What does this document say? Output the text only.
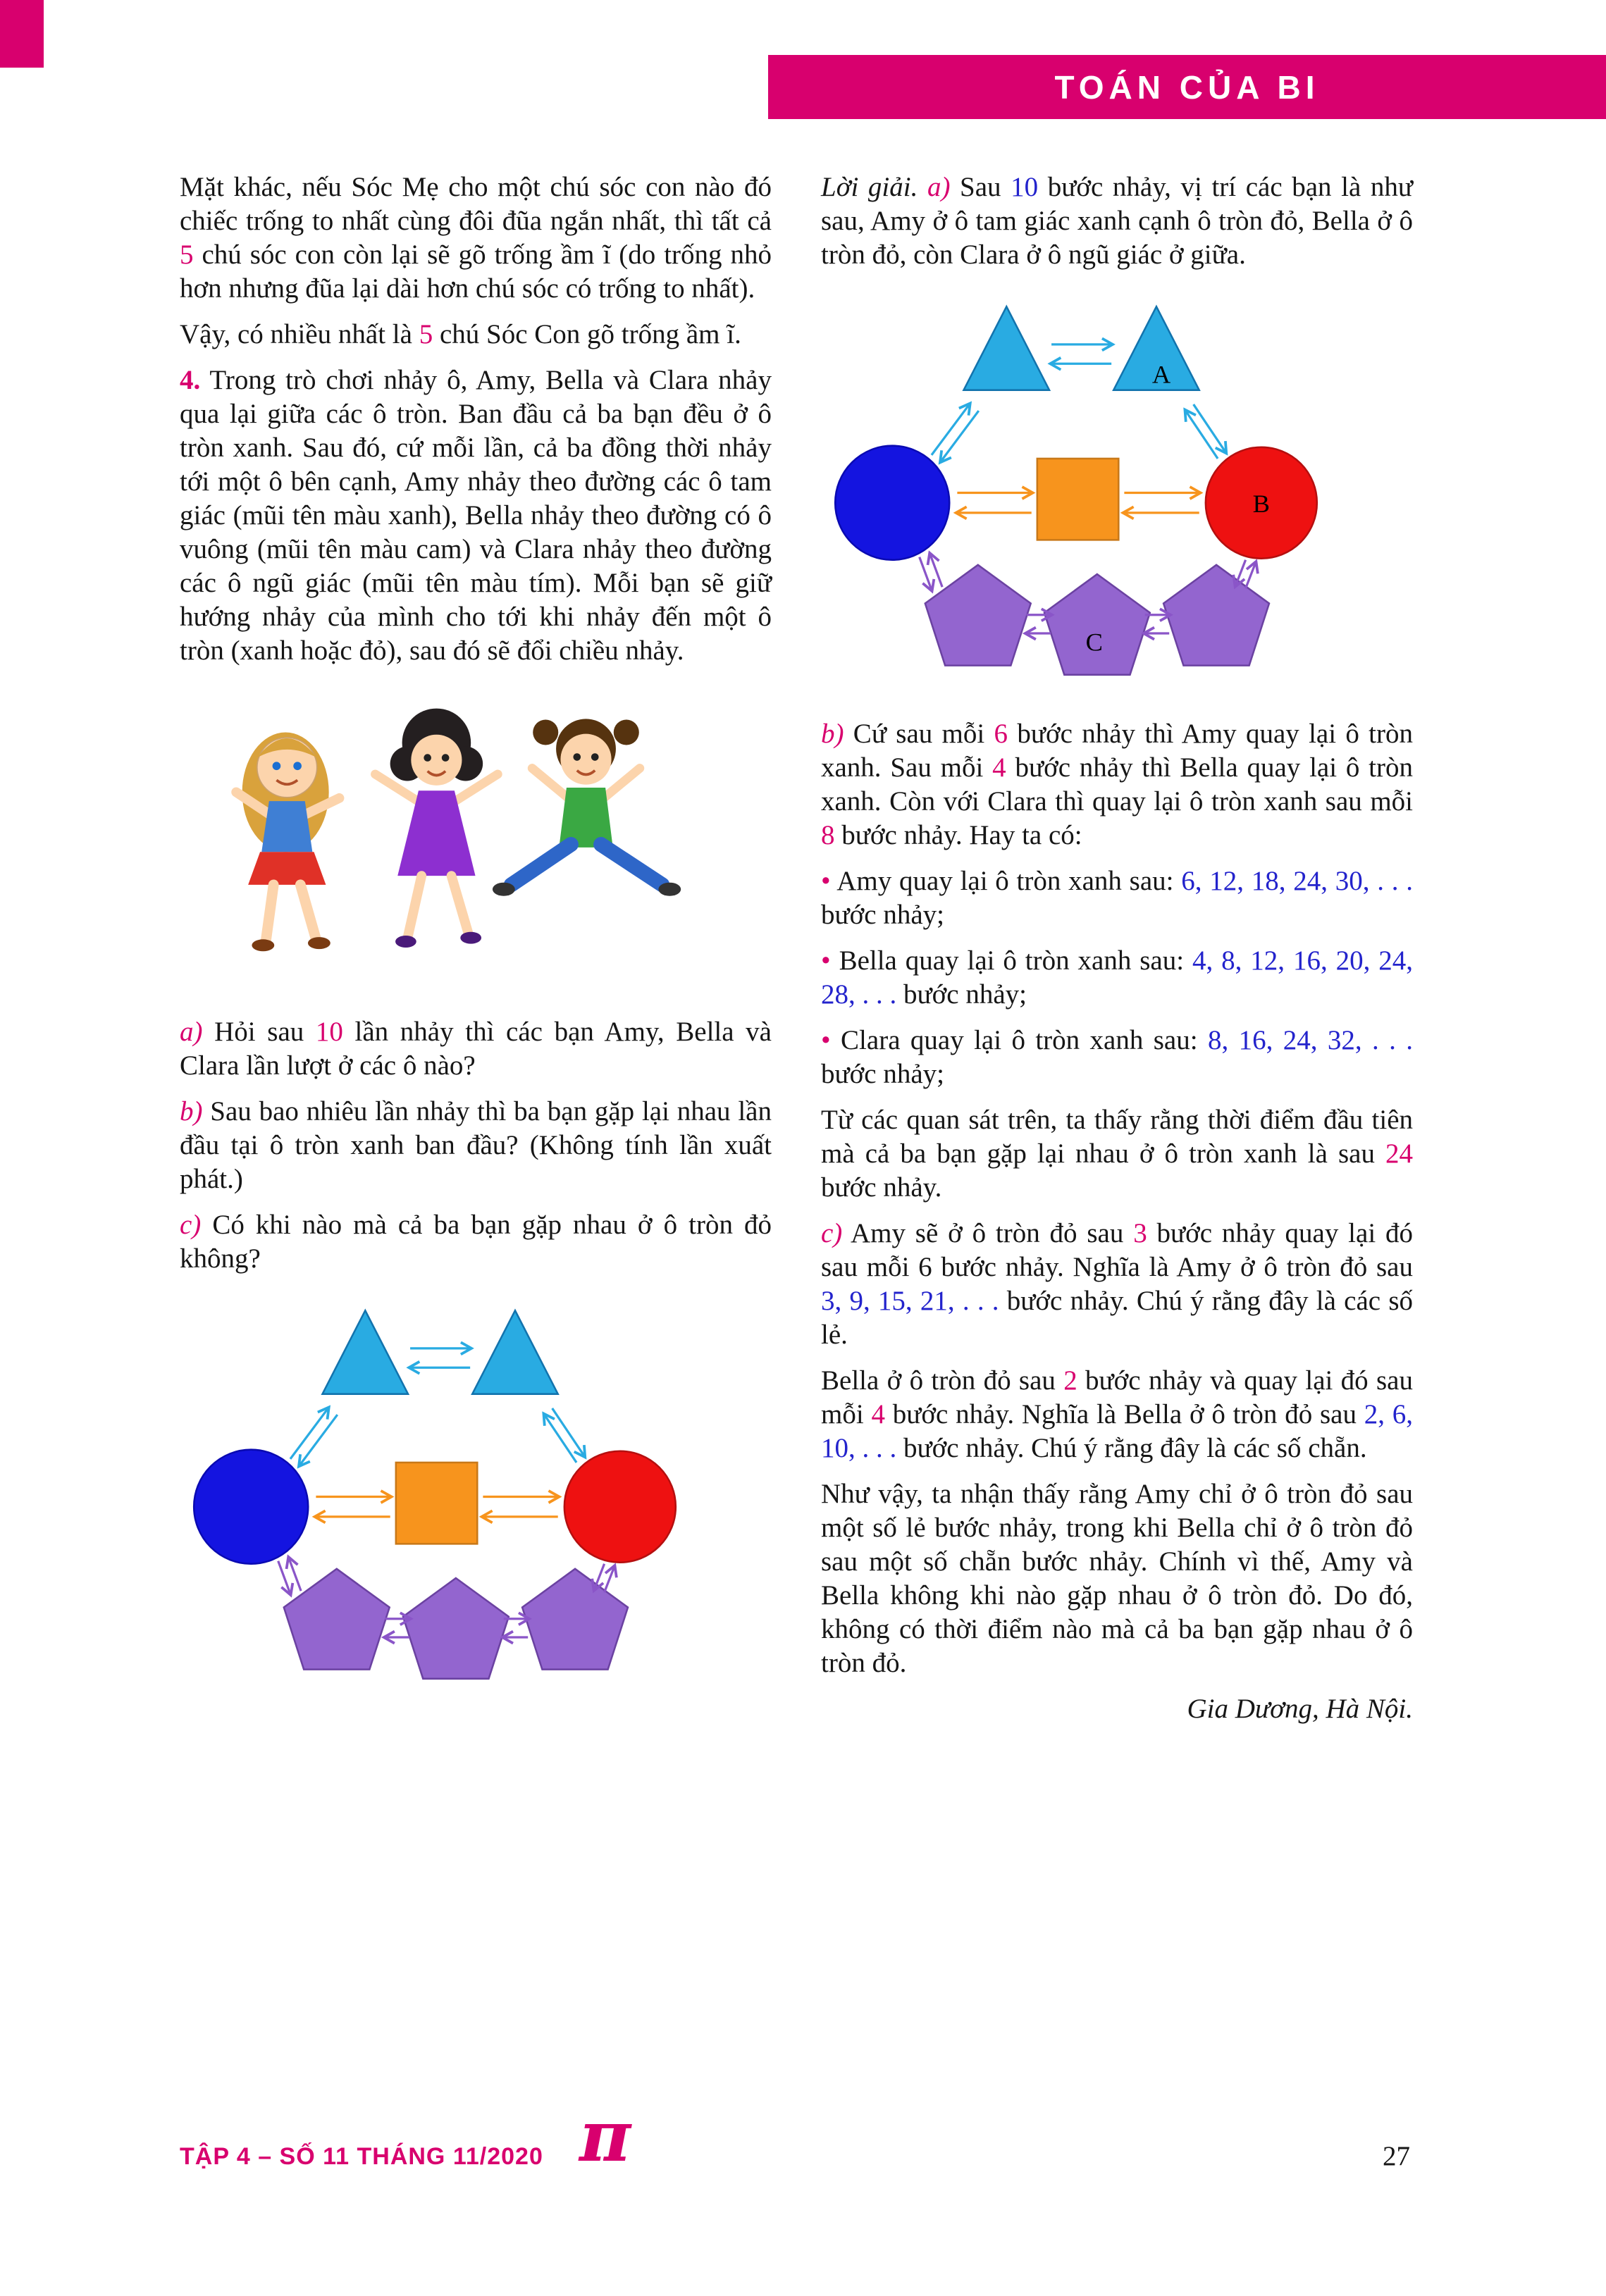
TOÁN CỦA BI

Mặt khác, nếu Sóc Mẹ cho một chú sóc con nào đó chiếc trống to nhất cùng đôi đũa ngắn nhất, thì tất cả 5 chú sóc con còn lại sẽ gõ trống ầm ĩ (do trống nhỏ hơn nhưng đũa lại dài hơn chú sóc có trống to nhất).

Vậy, có nhiều nhất là 5 chú Sóc Con gõ trống ầm ĩ.

4. Trong trò chơi nhảy ô, Amy, Bella và Clara nhảy qua lại giữa các ô tròn. Ban đầu cả ba bạn đều ở ô tròn xanh. Sau đó, cứ mỗi lần, cả ba đồng thời nhảy tới một ô bên cạnh, Amy nhảy theo đường các ô tam giác (mũi tên màu xanh), Bella nhảy theo đường có ô vuông (mũi tên màu cam) và Clara nhảy theo đường các ô ngũ giác (mũi tên màu tím). Mỗi bạn sẽ giữ hướng nhảy của mình cho tới khi nhảy đến một ô tròn (xanh hoặc đỏ), sau đó sẽ đổi chiều nhảy.

a) Hỏi sau 10 lần nhảy thì các bạn Amy, Bella và Clara lần lượt ở các ô nào?

b) Sau bao nhiêu lần nhảy thì ba bạn gặp lại nhau lần đầu tại ô tròn xanh ban đầu? (Không tính lần xuất phát.)

c) Có khi nào mà cả ba bạn gặp nhau ở ô tròn đỏ không?

Lời giải. a) Sau 10 bước nhảy, vị trí các bạn là như sau, Amy ở ô tam giác xanh cạnh ô tròn đỏ, Bella ở ô tròn đỏ, còn Clara ở ô ngũ giác ở giữa.

A
B
C

b) Cứ sau mỗi 6 bước nhảy thì Amy quay lại ô tròn xanh. Sau mỗi 4 bước nhảy thì Bella quay lại ô tròn xanh. Còn với Clara thì quay lại ô tròn xanh sau mỗi 8 bước nhảy. Hay ta có:

• Amy quay lại ô tròn xanh sau: 6, 12, 18, 24, 30, . . . bước nhảy;

• Bella quay lại ô tròn xanh sau: 4, 8, 12, 16, 20, 24, 28, . . . bước nhảy;

• Clara quay lại ô tròn xanh sau: 8, 16, 24, 32, . . . bước nhảy;

Từ các quan sát trên, ta thấy rằng thời điểm đầu tiên mà cả ba bạn gặp lại nhau ở ô tròn xanh là sau 24 bước nhảy.

c) Amy sẽ ở ô tròn đỏ sau 3 bước nhảy quay lại đó sau mỗi 6 bước nhảy. Nghĩa là Amy ở ô tròn đỏ sau 3, 9, 15, 21, . . . bước nhảy. Chú ý rằng đây là các số lẻ.

Bella ở ô tròn đỏ sau 2 bước nhảy và quay lại đó sau mỗi 4 bước nhảy. Nghĩa là Bella ở ô tròn đỏ sau 2, 6, 10, . . . bước nhảy. Chú ý rằng đây là các số chẵn.

Như vậy, ta nhận thấy rằng Amy chỉ ở ô tròn đỏ sau một số lẻ bước nhảy, trong khi Bella chỉ ở ô tròn đỏ sau một số chẵn bước nhảy. Chính vì thế, Amy và Bella không khi nào gặp nhau ở ô tròn đỏ. Do đó, không có thời điểm nào mà cả ba bạn gặp nhau ở ô tròn đỏ.

Gia Dương, Hà Nội.

TẬP 4 – SỐ 11 THÁNG 11/2020 π	27
